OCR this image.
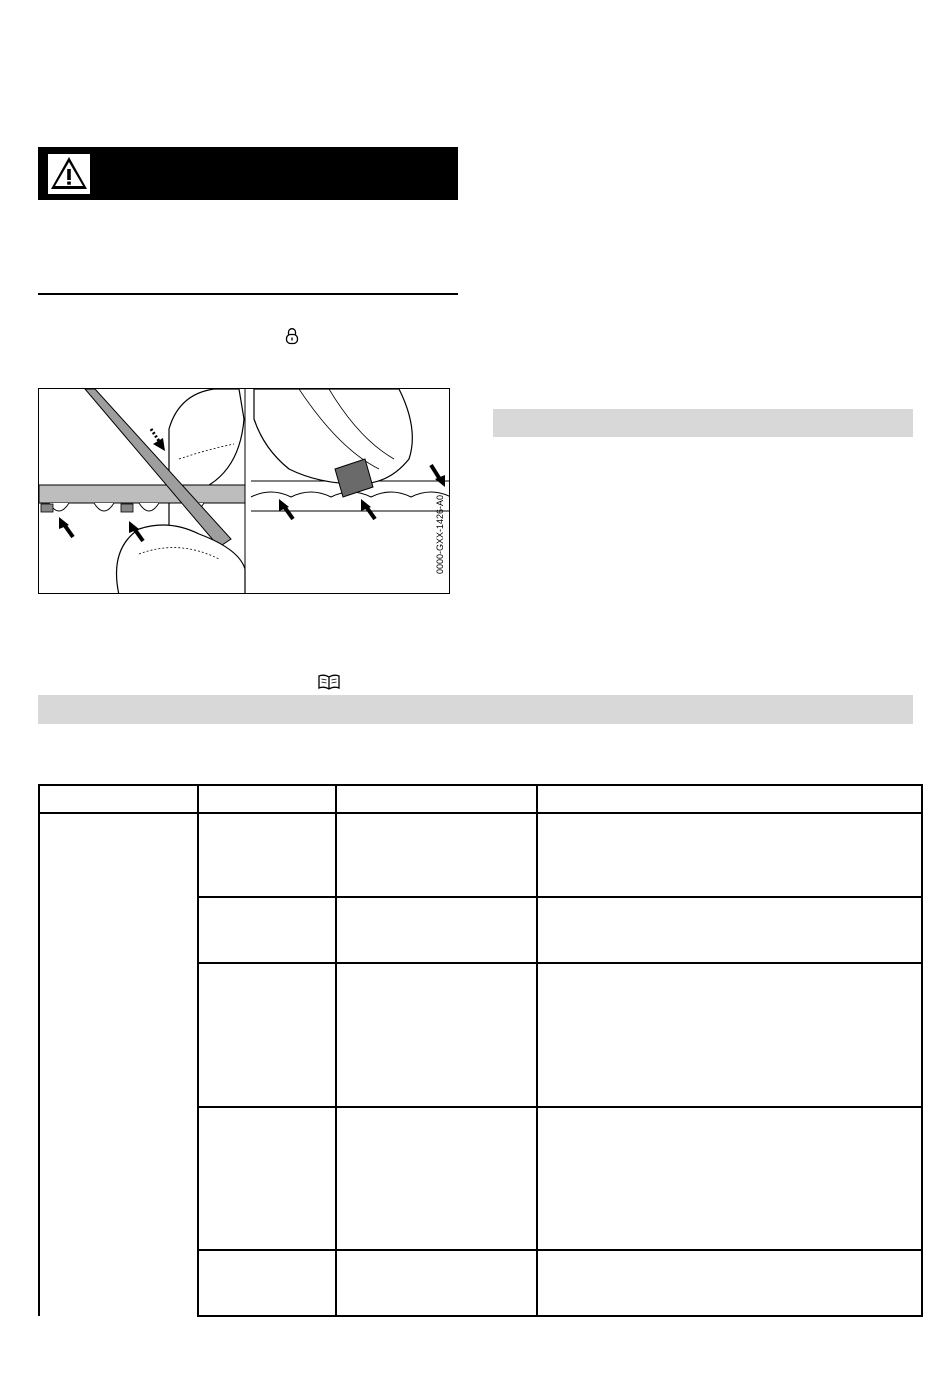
0000-GXX-1426-A0
